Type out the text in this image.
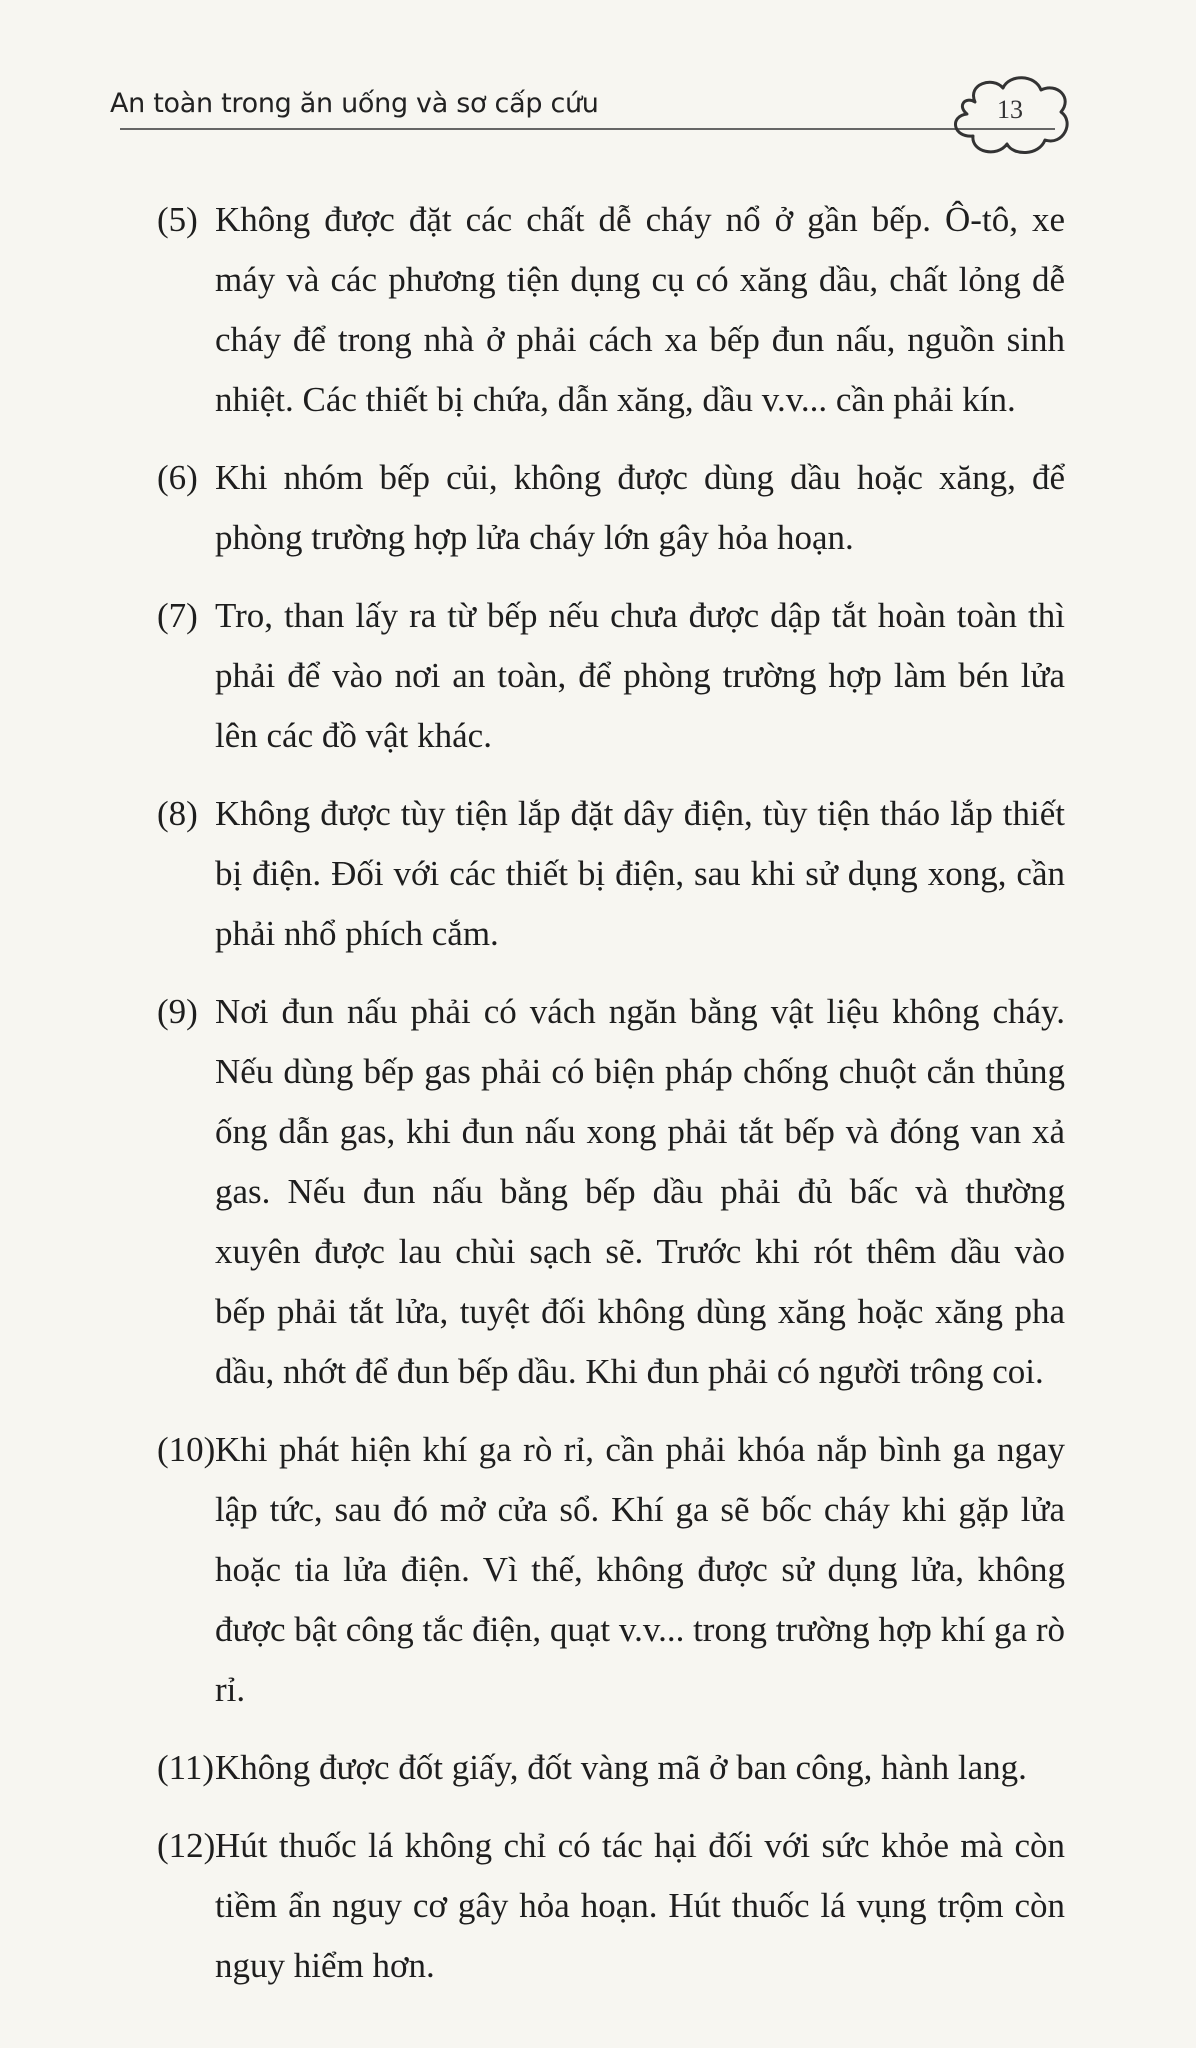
An toàn trong ăn uống và sơ cấp cứu	13
(5) Không được đặt các chất dễ cháy nổ ở gần bếp. Ô-tô, xe máy và các phương tiện dụng cụ có xăng dầu, chất lỏng dễ cháy để trong nhà ở phải cách xa bếp đun nấu, nguồn sinh nhiệt. Các thiết bị chứa, dẫn xăng, dầu v.v... cần phải kín.
(6) Khi nhóm bếp củi, không được dùng dầu hoặc xăng, để phòng trường hợp lửa cháy lớn gây hỏa hoạn.
(7) Tro, than lấy ra từ bếp nếu chưa được dập tắt hoàn toàn thì phải để vào nơi an toàn, để phòng trường hợp làm bén lửa lên các đồ vật khác.
(8) Không được tùy tiện lắp đặt dây điện, tùy tiện tháo lắp thiết bị điện. Đối với các thiết bị điện, sau khi sử dụng xong, cần phải nhổ phích cắm.
(9) Nơi đun nấu phải có vách ngăn bằng vật liệu không cháy. Nếu dùng bếp gas phải có biện pháp chống chuột cắn thủng ống dẫn gas, khi đun nấu xong phải tắt bếp và đóng van xả gas. Nếu đun nấu bằng bếp dầu phải đủ bấc và thường xuyên được lau chùi sạch sẽ. Trước khi rót thêm dầu vào bếp phải tắt lửa, tuyệt đối không dùng xăng hoặc xăng pha dầu, nhớt để đun bếp dầu. Khi đun phải có người trông coi.
(10) Khi phát hiện khí ga rò rỉ, cần phải khóa nắp bình ga ngay lập tức, sau đó mở cửa sổ. Khí ga sẽ bốc cháy khi gặp lửa hoặc tia lửa điện. Vì thế, không được sử dụng lửa, không được bật công tắc điện, quạt v.v... trong trường hợp khí ga rò rỉ.
(11) Không được đốt giấy, đốt vàng mã ở ban công, hành lang.
(12) Hút thuốc lá không chỉ có tác hại đối với sức khỏe mà còn tiềm ẩn nguy cơ gây hỏa hoạn. Hút thuốc lá vụng trộm còn nguy hiểm hơn.
